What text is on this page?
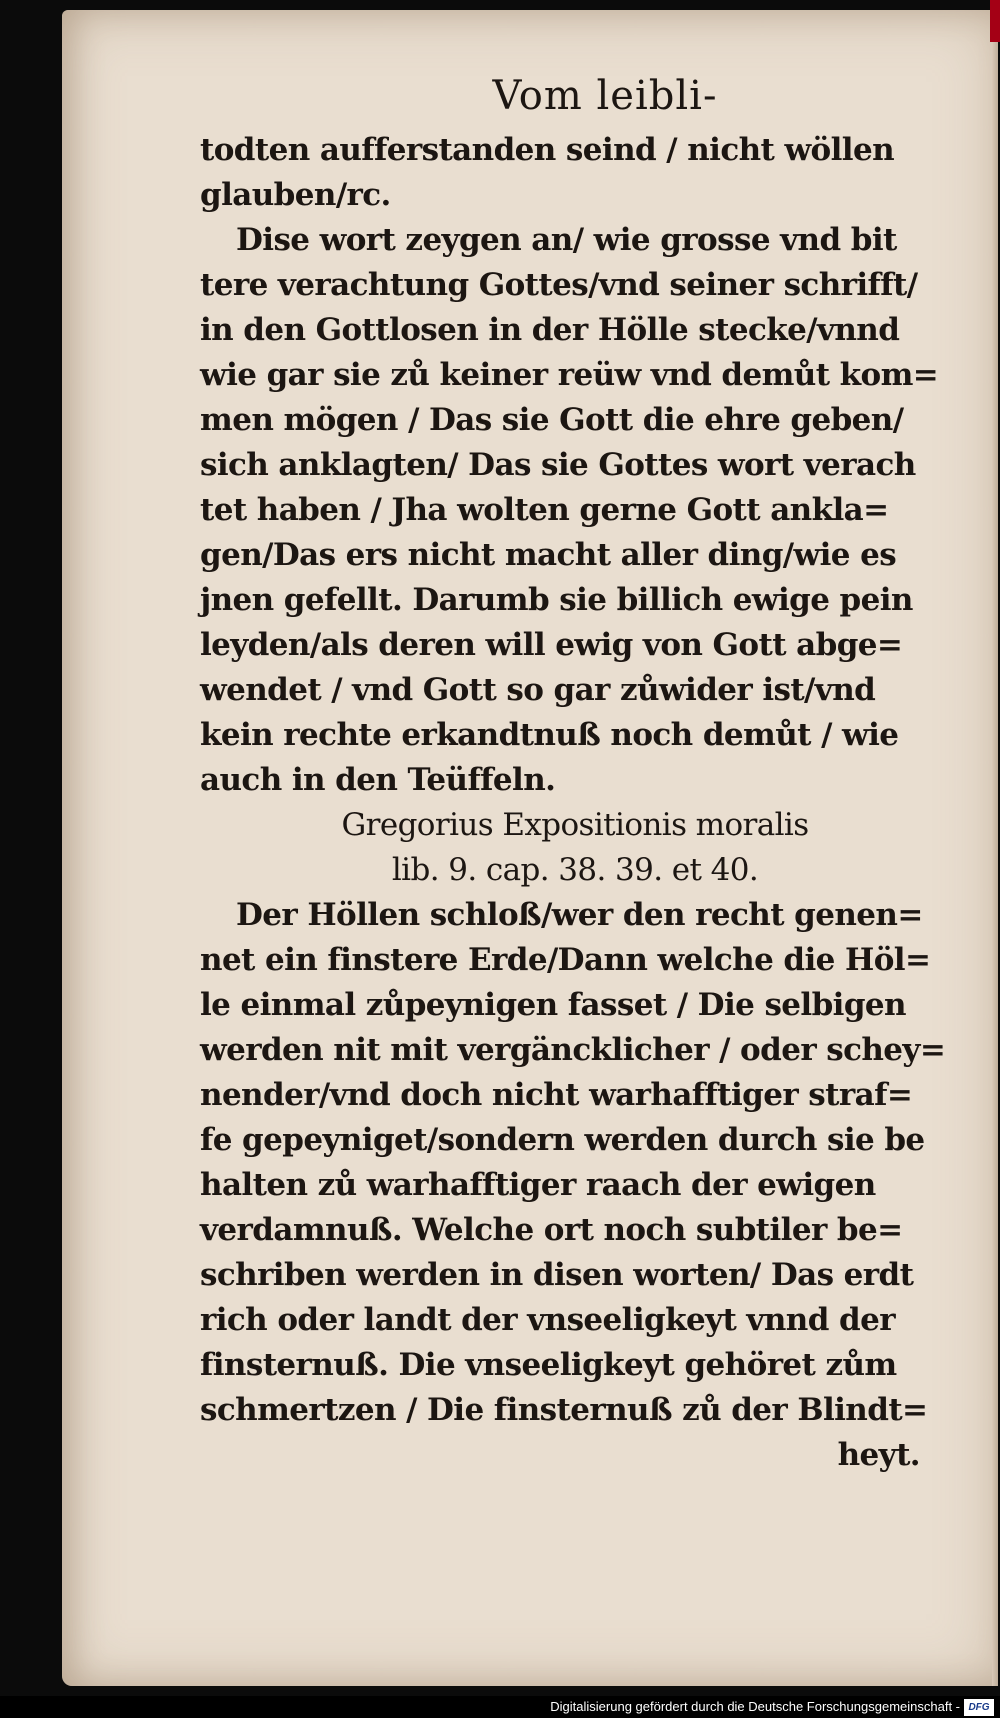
Vom leibli-

todten aufferstanden seind / nicht wöllen

glauben/rc.

Dise wort zeygen an/ wie grosse vnd bit

tere verachtung Gottes/vnd seiner schrifft/

in den Gottlosen in der Hölle stecke/vnnd

wie gar sie zů keiner reüw vnd demůt kom=

men mögen / Das sie Gott die ehre geben/

sich anklagten/ Das sie Gottes wort verach

tet haben / Jha wolten gerne Gott ankla=

gen/Das ers nicht macht aller ding/wie es

jnen gefellt. Darumb sie billich ewige pein

leyden/als deren will ewig von Gott abge=

wendet / vnd Gott so gar zůwider ist/vnd

kein rechte erkandtnuß noch demůt / wie

auch in den Teüffeln.

Gregorius Expositionis moralis

lib. 9. cap. 38. 39. et 40.

Der Höllen schloß/wer den recht genen=

net ein finstere Erde/Dann welche die Höl=

le einmal zůpeynigen fasset / Die selbigen

werden nit mit vergäncklicher / oder schey=

nender/vnd doch nicht warhafftiger straf=

fe gepeyniget/sondern werden durch sie be

halten zů warhafftiger raach der ewigen

verdamnuß. Welche ort noch subtiler be=

schriben werden in disen worten/ Das erdt

rich oder landt der vnseeligkeyt vnnd der

finsternuß. Die vnseeligkeyt gehöret zům

schmertzen / Die finsternuß zů der Blindt=

heyt.

Digitalisierung gefördert durch die Deutsche Forschungsgemeinschaft - DFG
